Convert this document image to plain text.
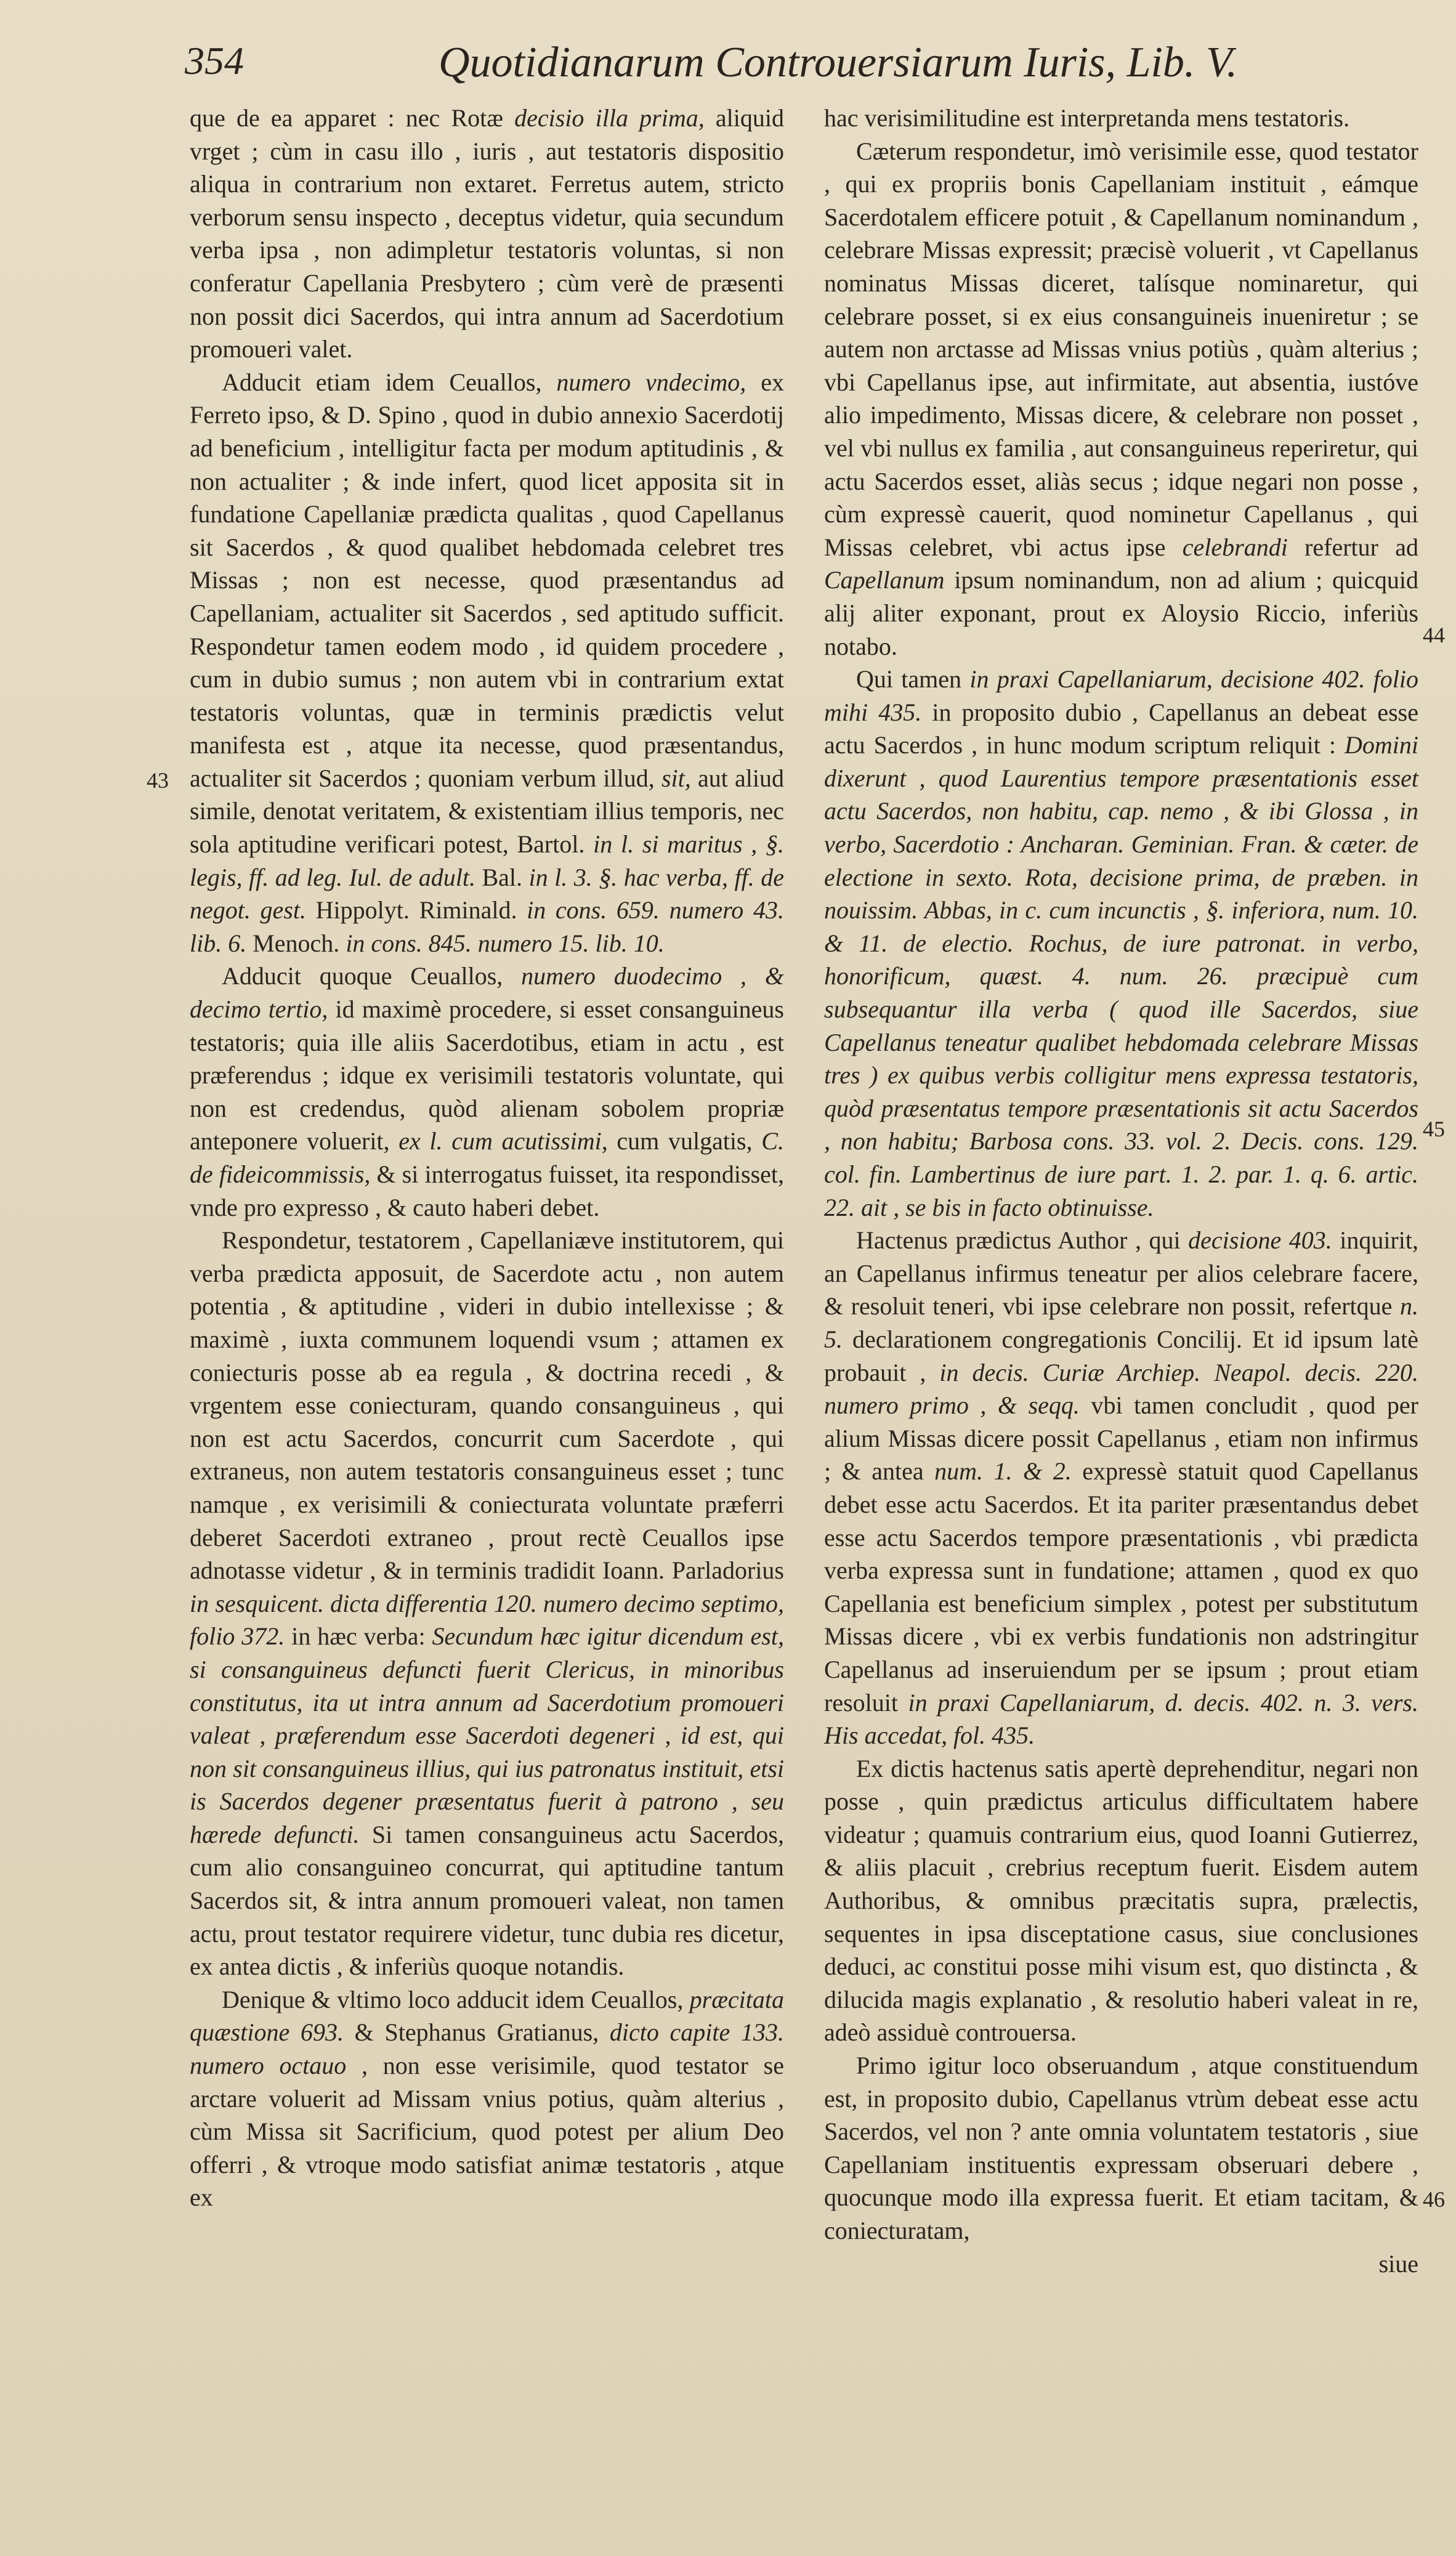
354	Quotidianarum Controuersiarum Iuris, Lib. V.
43
44
45
46

que de ea apparet : nec Rotæ decisio illa prima, aliquid vrget ; cùm in casu illo , iuris , aut testatoris dispositio aliqua in contrarium non extaret. Ferretus autem, stricto verborum sensu inspecto , deceptus videtur, quia secundum verba ipsa , non adimpletur testatoris voluntas, si non conferatur Capellania Presbytero ; cùm verè de præsenti non possit dici Sacerdos, qui intra annum ad Sacerdotium promoueri valet.

Adducit etiam idem Ceuallos, numero vndecimo, ex Ferreto ipso, & D. Spino , quod in dubio annexio Sacerdotij ad beneficium , intelligitur facta per modum aptitudinis , & non actualiter ; & inde infert, quod licet apposita sit in fundatione Capellaniæ prædicta qualitas , quod Capellanus sit Sacerdos , & quod qualibet hebdomada celebret tres Missas ; non est necesse, quod præsentandus ad Capellaniam, actualiter sit Sacerdos , sed aptitudo sufficit. Respondetur tamen eodem modo , id quidem procedere , cum in dubio sumus ; non autem vbi in contrarium extat testatoris voluntas, quæ in terminis prædictis velut manifesta est , atque ita necesse, quod præsentandus, actualiter sit Sacerdos ; quoniam verbum illud, sit, aut aliud simile, denotat veritatem, & existentiam illius temporis, nec sola aptitudine verificari potest, Bartol. in l. si maritus , §. legis, ff. ad leg. Iul. de adult. Bal. in l. 3. §. hac verba, ff. de negot. gest. Hippolyt. Riminald. in cons. 659. numero 43. lib. 6. Menoch. in cons. 845. numero 15. lib. 10.

Adducit quoque Ceuallos, numero duodecimo , & decimo tertio, id maximè procedere, si esset consanguineus testatoris; quia ille aliis Sacerdotibus, etiam in actu , est præferendus ; idque ex verisimili testatoris voluntate, qui non est credendus, quòd alienam sobolem propriæ anteponere voluerit, ex l. cum acutissimi, cum vulgatis, C. de fideicommissis, & si interrogatus fuisset, ita respondisset, vnde pro expresso , & cauto haberi debet.

Respondetur, testatorem , Capellaniæve institutorem, qui verba prædicta apposuit, de Sacerdote actu , non autem potentia , & aptitudine , videri in dubio intellexisse ; & maximè , iuxta communem loquendi vsum ; attamen ex coniecturis posse ab ea regula , & doctrina recedi , & vrgentem esse coniecturam, quando consanguineus , qui non est actu Sacerdos, concurrit cum Sacerdote , qui extraneus, non autem testatoris consanguineus esset ; tunc namque , ex verisimili & coniecturata voluntate præferri deberet Sacerdoti extraneo , prout rectè Ceuallos ipse adnotasse videtur , & in terminis tradidit Ioann. Parladorius in sesquicent. dicta differentia 120. numero decimo septimo, folio 372. in hæc verba: Secundum hæc igitur dicendum est, si consanguineus defuncti fuerit Clericus, in minoribus constitutus, ita ut intra annum ad Sacerdotium promoueri valeat , præferendum esse Sacerdoti degeneri , id est, qui non sit consanguineus illius, qui ius patronatus instituit, etsi is Sacerdos degener præsentatus fuerit à patrono , seu hærede defuncti. Si tamen consanguineus actu Sacerdos, cum alio consanguineo concurrat, qui aptitudine tantum Sacerdos sit, & intra annum promoueri valeat, non tamen actu, prout testator requirere videtur, tunc dubia res dicetur, ex antea dictis , & inferiùs quoque notandis.

Denique & vltimo loco adducit idem Ceuallos, præcitata quæstione 693. & Stephanus Gratianus, dicto capite 133. numero octauo , non esse verisimile, quod testator se arctare voluerit ad Missam vnius potius, quàm alterius , cùm Missa sit Sacrificium, quod potest per alium Deo offerri , & vtroque modo satisfiat animæ testatoris , atque ex

hac verisimilitudine est interpretanda mens testatoris.

Cæterum respondetur, imò verisimile esse, quod testator , qui ex propriis bonis Capellaniam instituit , eámque Sacerdotalem efficere potuit , & Capellanum nominandum , celebrare Missas expressit; præcisè voluerit , vt Capellanus nominatus Missas diceret, talísque nominaretur, qui celebrare posset, si ex eius consanguineis inueniretur ; se autem non arctasse ad Missas vnius potiùs , quàm alterius ; vbi Capellanus ipse, aut infirmitate, aut absentia, iustóve alio impedimento, Missas dicere, & celebrare non posset , vel vbi nullus ex familia , aut consanguineus reperiretur, qui actu Sacerdos esset, aliàs secus ; idque negari non posse , cùm expressè cauerit, quod nominetur Capellanus , qui Missas celebret, vbi actus ipse celebrandi refertur ad Capellanum ipsum nominandum, non ad alium ; quicquid alij aliter exponant, prout ex Aloysio Riccio, inferiùs notabo.

Qui tamen in praxi Capellaniarum, decisione 402. folio mihi 435. in proposito dubio , Capellanus an debeat esse actu Sacerdos , in hunc modum scriptum reliquit : Domini dixerunt , quod Laurentius tempore præsentationis esset actu Sacerdos, non habitu, cap. nemo , & ibi Glossa , in verbo, Sacerdotio : Ancharan. Geminian. Fran. & cæter. de electione in sexto. Rota, decisione prima, de præben. in nouissim. Abbas, in c. cum incunctis , §. inferiora, num. 10. & 11. de electio. Rochus, de iure patronat. in verbo, honorificum, quæst. 4. num. 26. præcipuè cum subsequantur illa verba ( quod ille Sacerdos, siue Capellanus teneatur qualibet hebdomada celebrare Missas tres ) ex quibus verbis colligitur mens expressa testatoris, quòd præsentatus tempore præsentationis sit actu Sacerdos , non habitu; Barbosa cons. 33. vol. 2. Decis. cons. 129. col. fin. Lambertinus de iure part. 1. 2. par. 1. q. 6. artic. 22. ait , se bis in facto obtinuisse.

Hactenus prædictus Author , qui decisione 403. inquirit, an Capellanus infirmus teneatur per alios celebrare facere, & resoluit teneri, vbi ipse celebrare non possit, refertque n. 5. declarationem congregationis Concilij. Et id ipsum latè probauit , in decis. Curiæ Archiep. Neapol. decis. 220. numero primo , & seqq. vbi tamen concludit , quod per alium Missas dicere possit Capellanus , etiam non infirmus ; & antea num. 1. & 2. expressè statuit quod Capellanus debet esse actu Sacerdos. Et ita pariter præsentandus debet esse actu Sacerdos tempore præsentationis , vbi prædicta verba expressa sunt in fundatione; attamen , quod ex quo Capellania est beneficium simplex , potest per substitutum Missas dicere , vbi ex verbis fundationis non adstringitur Capellanus ad inseruiendum per se ipsum ; prout etiam resoluit in praxi Capellaniarum, d. decis. 402. n. 3. vers. His accedat, fol. 435.

Ex dictis hactenus satis apertè deprehenditur, negari non posse , quin prædictus articulus difficultatem habere videatur ; quamuis contrarium eius, quod Ioanni Gutierrez, & aliis placuit , crebrius receptum fuerit. Eisdem autem Authoribus, & omnibus præcitatis supra, prælectis, sequentes in ipsa disceptatione casus, siue conclusiones deduci, ac constitui posse mihi visum est, quo distincta , & dilucida magis explanatio , & resolutio haberi valeat in re, adeò assiduè controuersa.

Primo igitur loco obseruandum , atque constituendum est, in proposito dubio, Capellanus vtrùm debeat esse actu Sacerdos, vel non ? ante omnia voluntatem testatoris , siue Capellaniam instituentis expressam obseruari debere , quocunque modo illa expressa fuerit. Et etiam tacitam, & coniecturatam,

siue
